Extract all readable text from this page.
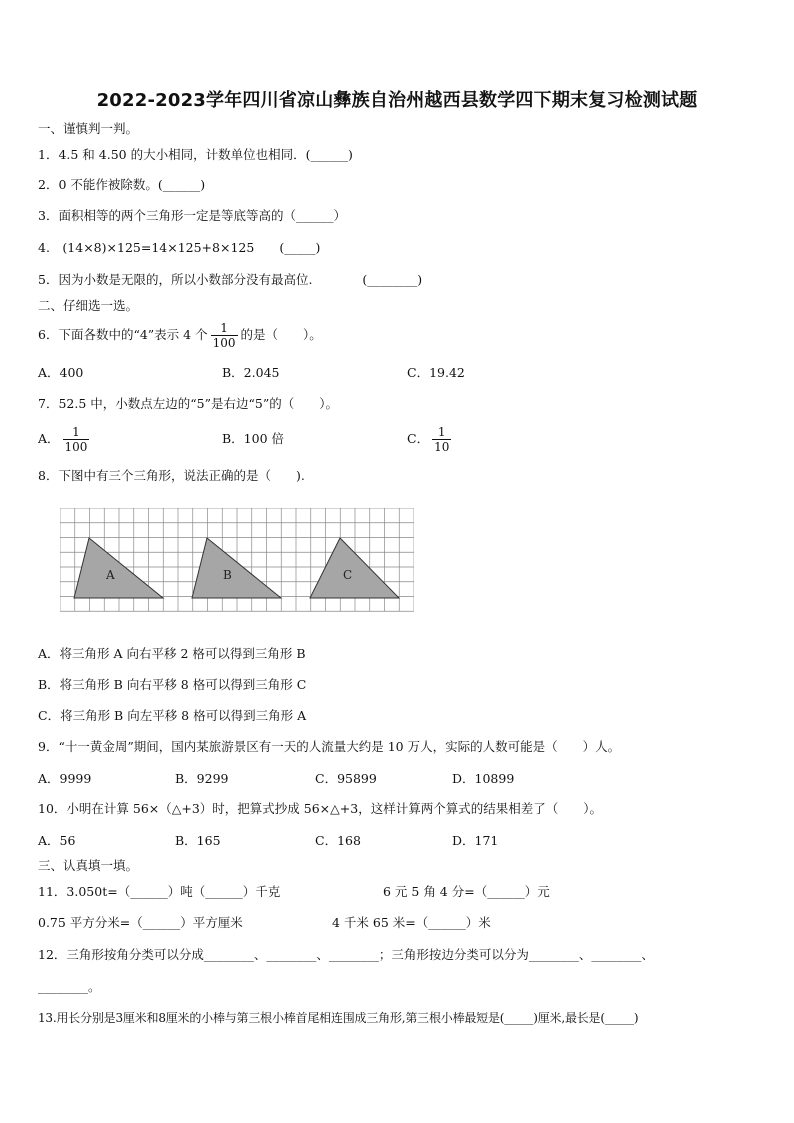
2022-2023学年四川省凉山彝族自治州越西县数学四下期末复习检测试题
一、谨慎判一判。
1．4.5 和 4.50 的大小相同，计数单位也相同．(______)
2．0 不能作被除数。(______)
3．面积相等的两个三角形一定是等底等高的（______）
4.　(14×8)×125=14×125+8×125　　(_____)
5．因为小数是无限的，所以小数部分没有最高位.　　　　(________)
二、仔细选一选。
6．下面各数中的“4”表示 4 个 $\frac{1}{100}$ 的是（　　）。
A．400	B．2.045	C．19.42
7．52.5 中，小数点左边的“5”是右边“5”的（　　）。
A． $\frac{1}{100}$	B．100 倍	C． $\frac{1}{10}$
8．下图中有三个三角形，说法正确的是（　　).
A	B	C
A．将三角形 A 向右平移 2 格可以得到三角形 B
B．将三角形 B 向右平移 8 格可以得到三角形 C
C．将三角形 B 向左平移 8 格可以得到三角形 A
9．“十一黄金周”期间，国内某旅游景区有一天的人流量大约是 10 万人，实际的人数可能是（　　）人。
A．9999	B．9299	C．95899	D．10899
10．小明在计算 56×（△+3）时，把算式抄成 56×△+3，这样计算两个算式的结果相差了（　　）。
A．56	B．165	C．168	D．171
三、认真填一填。
11．3.050t=（______）吨（______）千克	6 元 5 角 4 分=（______）元
0.75 平方分米=（______）平方厘米	4 千米 65 米=（______）米
12．三角形按角分类可以分成________、________、________；三角形按边分类可以分为________、________、
________。
13.用长分别是3厘米和8厘米的小棒与第三根小棒首尾相连围成三角形,第三根小棒最短是(_____)厘米,最长是(_____)
